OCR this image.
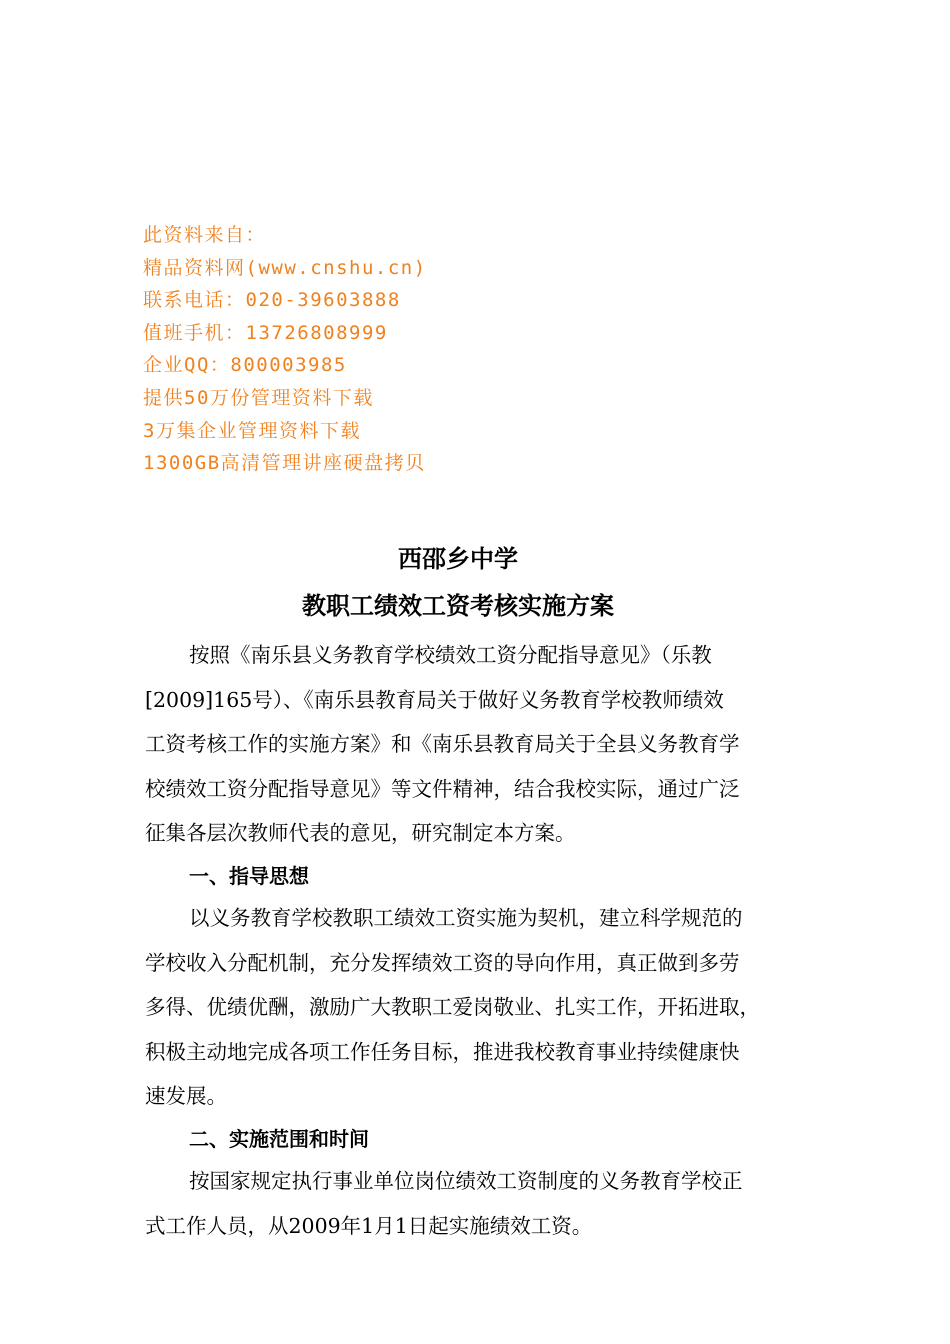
此资料来自：
精品资料网(www.cnshu.cn)
联系电话：020-39603888
值班手机：13726808999
企业QQ：800003985
提供50万份管理资料下载
3万集企业管理资料下载
1300GB高清管理讲座硬盘拷贝
西邵乡中学
教职工绩效工资考核实施方案
按照《南乐县义务教育学校绩效工资分配指导意见》（乐教
[2009]165号）、《南乐县教育局关于做好义务教育学校教师绩效
工资考核工作的实施方案》和《南乐县教育局关于全县义务教育学
校绩效工资分配指导意见》等文件精神，结合我校实际，通过广泛
征集各层次教师代表的意见，研究制定本方案。
一、指导思想
以义务教育学校教职工绩效工资实施为契机，建立科学规范的
学校收入分配机制，充分发挥绩效工资的导向作用，真正做到多劳
多得、优绩优酬，激励广大教职工爱岗敬业、扎实工作，开拓进取，
积极主动地完成各项工作任务目标，推进我校教育事业持续健康快
速发展。
二、实施范围和时间
按国家规定执行事业单位岗位绩效工资制度的义务教育学校正
式工作人员，从2009年1月1日起实施绩效工资。
